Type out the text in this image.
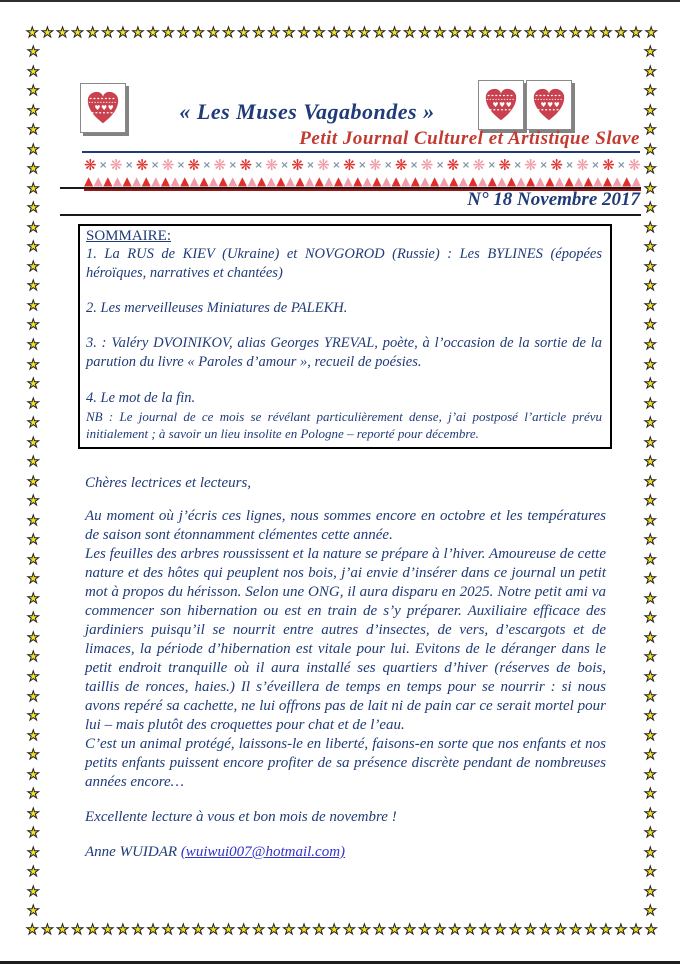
★ ★ ★ ★ ★ ★ ★ ★ ★ ★ ★ ★ ★ ★ ★ ★ ★ ★ ★ ★ ★ ★ ★ ★ ★ ★ ★ ★ ★ ★ ★ ★ ★ ★ ★ ★ ★ ★ ★ ★ ★ ★
★ ★ ★ ★ ★ ★ ★ ★ ★ ★ ★ ★ ★ ★ ★ ★ ★ ★ ★ ★ ★ ★ ★ ★ ★ ★ ★ ★ ★ ★ ★ ★ ★ ★ ★ ★ ★ ★ ★ ★ ★ ★
★
★
★
★
★
★
★
★
★
★
★
★
★
★
★
★
★
★
★
★
★
★
★
★
★
★
★
★
★
★
★
★
★
★
★
★
★
★
★
★
★
★
★
★
★
★
★
★
★
★
★
★
★
★
★
★
★
★
★
★
★
★
★
★
★
★
★
★
★
★
★
★
★
★
★
★
★
★
★
★
★
★
★
★
★
★
★
★
★
★
♥ ♥ ♥	♥ ♥ ♥	♥ ♥ ♥
« Les Muses Vagabondes »
Petit Journal Culturel et Artistique Slave
❋ × ❋ × ❋ × ❋ × ❋ × ❋ × ❋ × ❋ × ❋ × ❋ × ❋ × ❋ × ❋ × ❋ × ❋ × ❋ × ❋ × ❋ × ❋ × ❋ × ❋ × ❋
▲ ▲ ▲ ▲ ▲ ▲ ▲ ▲ ▲ ▲ ▲ ▲ ▲ ▲ ▲ ▲ ▲ ▲ ▲ ▲ ▲ ▲ ▲ ▲ ▲ ▲ ▲ ▲ ▲ ▲ ▲ ▲ ▲ ▲ ▲ ▲ ▲ ▲ ▲ ▲ ▲ ▲ ▲ ▲ ▲ ▲ ▲ ▲ ▲ ▲ ▲ ▲ ▲ ▲ ▲ ▲ ▲ ▲
N° 18 Novembre 2017
SOMMAIRE:

1. La RUS de KIEV (Ukraine) et NOVGOROD (Russie) : Les BYLINES (épopées héroïques, narratives et chantées)

2. Les merveilleuses Miniatures de PALEKH.

3. : Valéry DVOINIKOV, alias Georges YREVAL, poète, à l’occasion de la sortie de la parution du livre « Paroles d’amour », recueil de poésies.

4. Le mot de la fin.

NB : Le journal de ce mois se révélant particulièrement dense, j’ai postposé l’article prévu initialement ; à savoir un lieu insolite en Pologne – reporté pour décembre.

Chères lectrices et lecteurs,

Au moment où j’écris ces lignes, nous sommes encore en octobre et les températures de saison sont étonnamment clémentes cette année.

Les feuilles des arbres roussissent et la nature se prépare à l’hiver. Amoureuse de cette nature et des hôtes qui peuplent nos bois, j’ai envie d’insérer dans ce journal un petit mot à propos du hérisson. Selon une ONG, il aura disparu en 2025. Notre petit ami va commencer son hibernation ou est en train de s’y préparer. Auxiliaire efficace des jardiniers puisqu’il se nourrit entre autres d’insectes, de vers, d’escargots et de limaces, la période d’hibernation est vitale pour lui. Evitons de le déranger dans le petit endroit tranquille où il aura installé ses quartiers d’hiver (réserves de bois, taillis de ronces, haies.) Il s’éveillera de temps en temps pour se nourrir : si nous avons repéré sa cachette, ne lui offrons pas de lait ni de pain car ce serait mortel pour lui – mais plutôt des croquettes pour chat et de l’eau.

C’est un animal protégé, laissons-le en liberté, faisons-en sorte que nos enfants et nos petits enfants puissent encore profiter de sa présence discrète pendant de nombreuses années encore…

Excellente lecture à vous et bon mois de novembre !

Anne WUIDAR (wuiwui007@hotmail.com)
